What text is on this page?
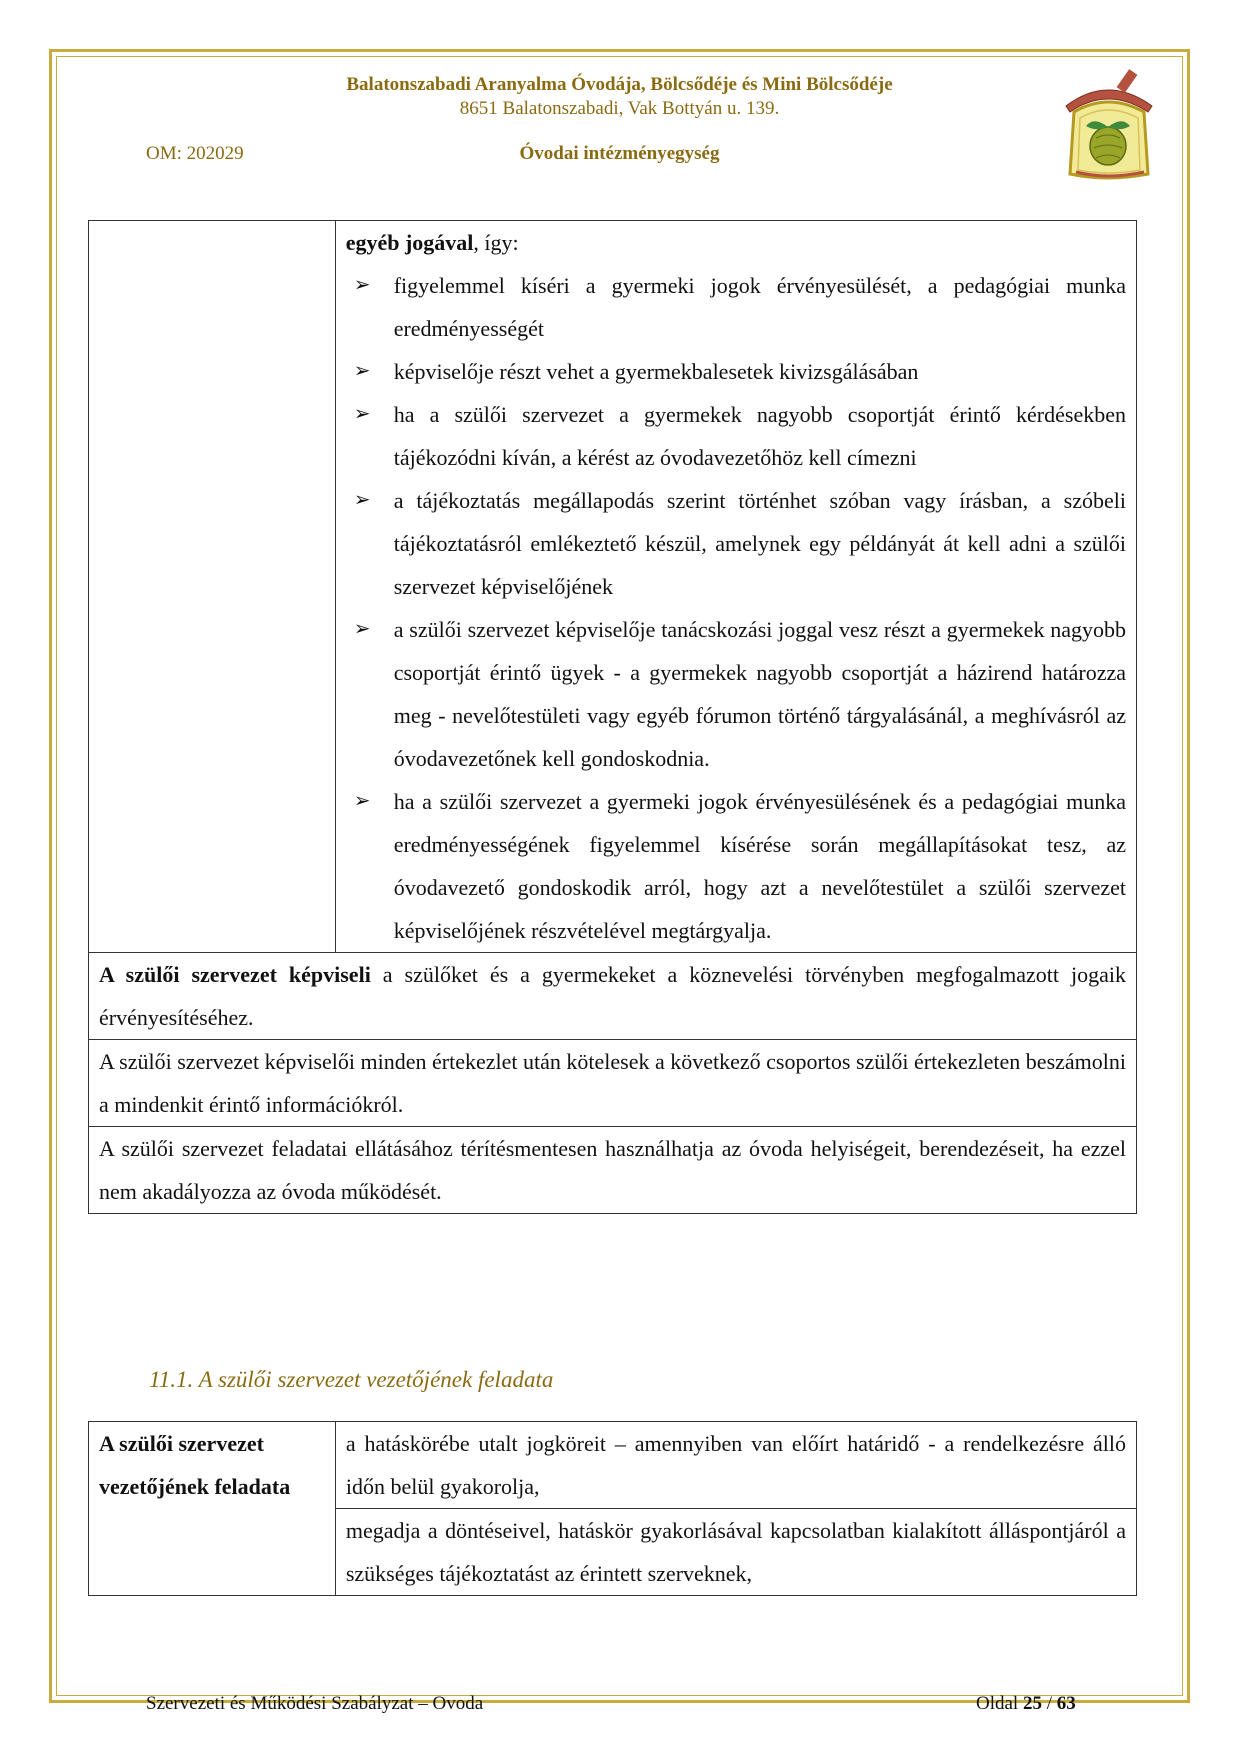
Balatonszabadi Aranyalma Óvodája, Bölcsődéje és Mini Bölcsődéje
8651 Balatonszabadi, Vak Bottyán u. 139.
OM: 202029	Óvodai intézményegység

egyéb jogával, így:
➢ figyelemmel kíséri a gyermeki jogok érvényesülését, a pedagógiai munka eredményességét
➢ képviselője részt vehet a gyermekbalesetek kivizsgálásában
➢ ha a szülői szervezet a gyermekek nagyobb csoportját érintő kérdésekben tájékozódni kíván, a kérést az óvodavezetőhöz kell címezni
➢ a tájékoztatás megállapodás szerint történhet szóban vagy írásban, a szóbeli tájékoztatásról emlékeztető készül, amelynek egy példányát át kell adni a szülői szervezet képviselőjének
➢ a szülői szervezet képviselője tanácskozási joggal vesz részt a gyermekek nagyobb csoportját érintő ügyek - a gyermekek nagyobb csoportját a házirend határozza meg - nevelőtestületi vagy egyéb fórumon történő tárgyalásánál, a meghívásról az óvodavezetőnek kell gondoskodnia.
➢ ha a szülői szervezet a gyermeki jogok érvényesülésének és a pedagógiai munka eredményességének figyelemmel kísérése során megállapításokat tesz, az óvodavezető gondoskodik arról, hogy azt a nevelőtestület a szülői szervezet képviselőjének részvételével megtárgyalja.

A szülői szervezet képviseli a szülőket és a gyermekeket a köznevelési törvényben megfogalmazott jogaik érvényesítéséhez.
A szülői szervezet képviselői minden értekezlet után kötelesek a következő csoportos szülői értekezleten beszámolni a mindenkit érintő információkról.
A szülői szervezet feladatai ellátásához térítésmentesen használhatja az óvoda helyiségeit, berendezéseit, ha ezzel nem akadályozza az óvoda működését.
11.1. A szülői szervezet vezetőjének feladata
A szülői szervezet vezetőjének feladata	a hatáskörébe utalt jogköreit – amennyiben van előírt határidő - a rendelkezésre álló időn belül gyakorolja,
megadja a döntéseivel, hatáskör gyakorlásával kapcsolatban kialakított álláspontjáról a szükséges tájékoztatást az érintett szerveknek,
Szervezeti és Működési Szabályzat – Ovoda	Oldal 25 / 63
